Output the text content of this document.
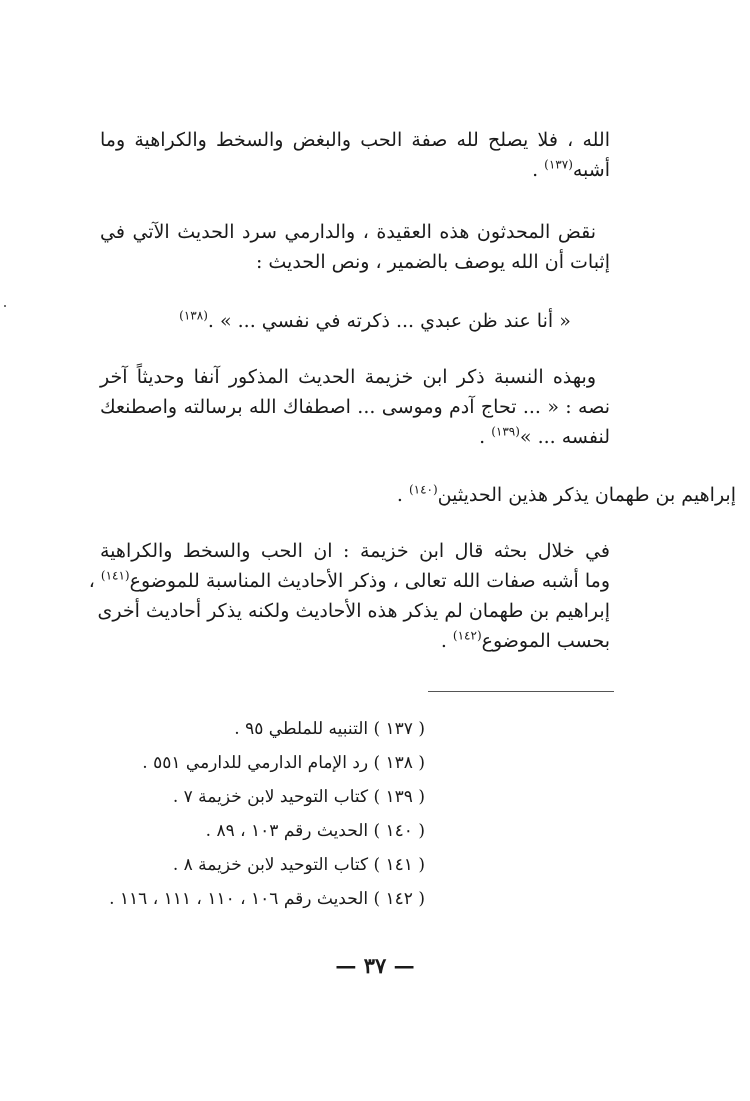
الله ، فلا يصلح لله صفة الحب والبغض والسخط والكراهية وما
أشبه$^{(١٣٧)}$ .
نقض المحدثون هذه العقيدة ، والدارمي سرد الحديث الآتي في
إثبات أن الله يوصف بالضمير ، ونص الحديث :
« أنا عند ظن عبدي ... ذكرته في نفسي ... » .$^{(١٣٨)}$
وبهذه النسبة ذكر ابن خزيمة الحديث المذكور آنفا وحديثاً آخر
نصه : « ... تحاج آدم وموسى ... اصطفاك الله برسالته واصطنعك
لنفسه ... »$^{(١٣٩)}$ .
إبراهيم بن طهمان يذكر هذين الحديثين$^{(١٤٠)}$ .
في خلال بحثه قال ابن خزيمة : ان الحب والسخط والكراهية
وما أشبه صفات الله تعالى ، وذكر الأحاديث المناسبة للموضوع$^{(١٤١)}$ ،
إبراهيم بن طهمان لم يذكر هذه الأحاديث ولكنه يذكر أحاديث أخرى
بحسب الموضوع$^{(١٤٢)}$ .
( ١٣٧ ) التنبيه للملطي ٩٥ .
( ١٣٨ ) رد الإمام الدارمي للدارمي ٥٥١ .
( ١٣٩ ) كتاب التوحيد لابن خزيمة ٧ .
( ١٤٠ ) الحديث رقم ١٠٣ ، ٨٩ .
( ١٤١ ) كتاب التوحيد لابن خزيمة ٨ .
( ١٤٢ ) الحديث رقم ١٠٦ ، ١١٠ ، ١١١ ، ١١٦ .
— ٣٧ —
